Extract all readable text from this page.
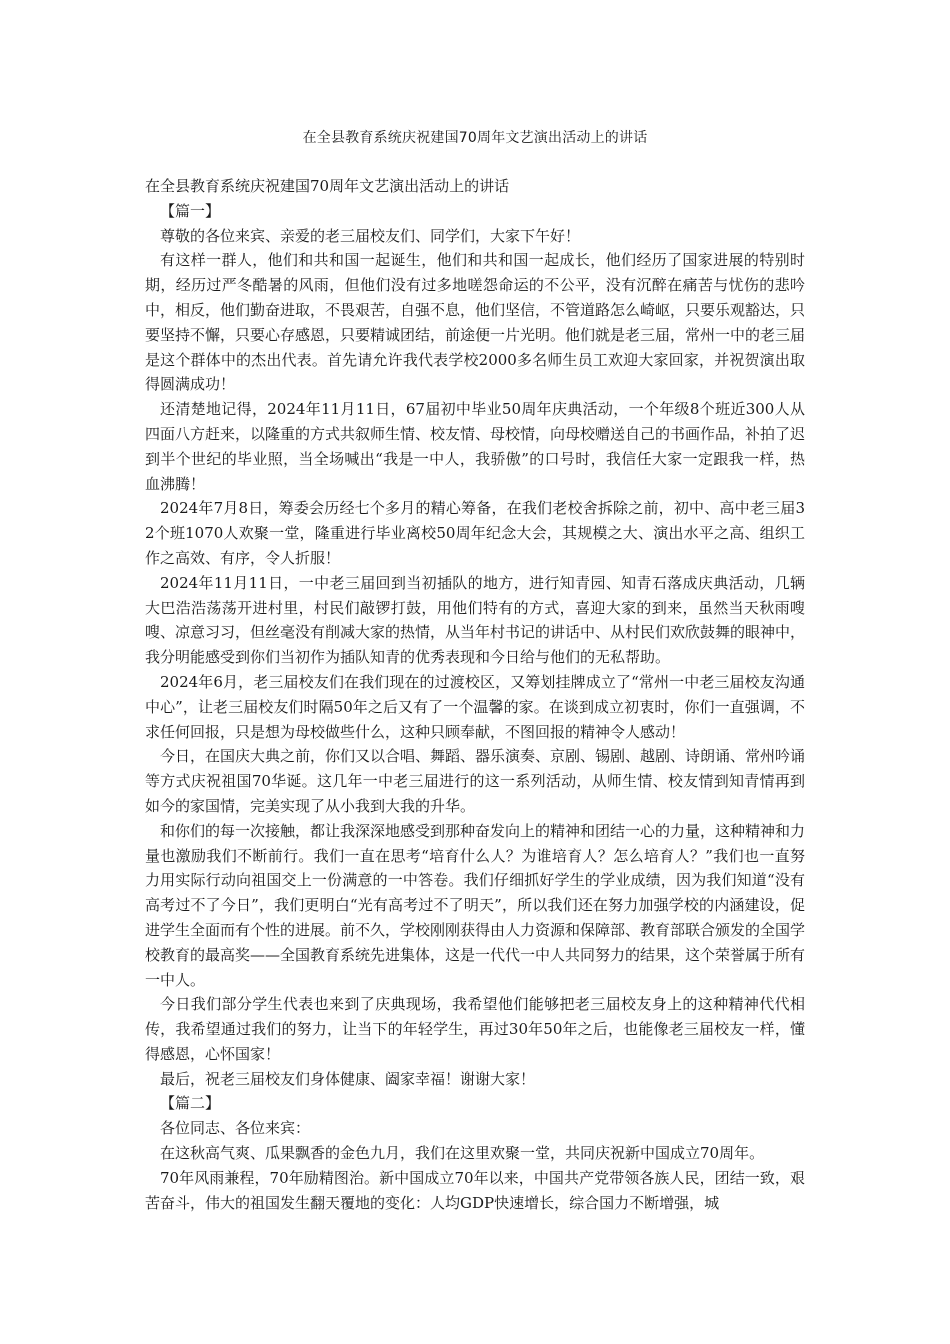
在全县教育系统庆祝建国70周年文艺演出活动上的讲话

在全县教育系统庆祝建国70周年文艺演出活动上的讲话

【篇一】

尊敬的各位来宾、亲爱的老三届校友们、同学们，大家下午好！

有这样一群人，他们和共和国一起诞生，他们和共和国一起成长，他们经历了国家进展的特别时期，经历过严冬酷暑的风雨，但他们没有过多地嗟怨命运的不公平，没有沉醉在痛苦与忧伤的悲吟中，相反，他们勤奋进取，不畏艰苦，自强不息，他们坚信，不管道路怎么崎岖，只要乐观豁达，只要坚持不懈，只要心存感恩，只要精诚团结，前途便一片光明。他们就是老三届，常州一中的老三届是这个群体中的杰出代表。首先请允许我代表学校2000多名师生员工欢迎大家回家，并祝贺演出取得圆满成功！

还清楚地记得，2024年11月11日，67届初中毕业50周年庆典活动，一个年级8个班近300人从四面八方赶来，以隆重的方式共叙师生情、校友情、母校情，向母校赠送自己的书画作品，补拍了迟到半个世纪的毕业照，当全场喊出“我是一中人，我骄傲”的口号时，我信任大家一定跟我一样，热血沸腾！

2024年7月8日，筹委会历经七个多月的精心筹备，在我们老校舍拆除之前，初中、高中老三届32个班1070人欢聚一堂，隆重进行毕业离校50周年纪念大会，其规模之大、演出水平之高、组织工作之高效、有序，令人折服！

2024年11月11日，一中老三届回到当初插队的地方，进行知青园、知青石落成庆典活动，几辆大巴浩浩荡荡开进村里，村民们敲锣打鼓，用他们特有的方式，喜迎大家的到来，虽然当天秋雨嗖嗖、凉意习习，但丝毫没有削减大家的热情，从当年村书记的讲话中、从村民们欢欣鼓舞的眼神中，我分明能感受到你们当初作为插队知青的优秀表现和今日给与他们的无私帮助。

2024年6月，老三届校友们在我们现在的过渡校区，又筹划挂牌成立了“常州一中老三届校友沟通中心”，让老三届校友们时隔50年之后又有了一个温馨的家。在谈到成立初衷时，你们一直强调，不求任何回报，只是想为母校做些什么，这种只顾奉献，不图回报的精神令人感动！

今日，在国庆大典之前，你们又以合唱、舞蹈、器乐演奏、京剧、锡剧、越剧、诗朗诵、常州吟诵等方式庆祝祖国70华诞。这几年一中老三届进行的这一系列活动，从师生情、校友情到知青情再到如今的家国情，完美实现了从小我到大我的升华。

和你们的每一次接触，都让我深深地感受到那种奋发向上的精神和团结一心的力量，这种精神和力量也激励我们不断前行。我们一直在思考“培育什么人？为谁培育人？怎么培育人？”我们也一直努力用实际行动向祖国交上一份满意的一中答卷。我们仔细抓好学生的学业成绩，因为我们知道“没有高考过不了今日”，我们更明白“光有高考过不了明天”，所以我们还在努力加强学校的内涵建设，促进学生全面而有个性的进展。前不久，学校刚刚获得由人力资源和保障部、教育部联合颁发的全国学校教育的最高奖——全国教育系统先进集体，这是一代代一中人共同努力的结果，这个荣誉属于所有一中人。

今日我们部分学生代表也来到了庆典现场，我希望他们能够把老三届校友身上的这种精神代代相传，我希望通过我们的努力，让当下的年轻学生，再过30年50年之后，也能像老三届校友一样，懂得感恩，心怀国家！

最后，祝老三届校友们身体健康、阖家幸福！谢谢大家！

【篇二】

各位同志、各位来宾：

在这秋高气爽、瓜果飘香的金色九月，我们在这里欢聚一堂，共同庆祝新中国成立70周年。

70年风雨兼程，70年励精图治。新中国成立70年以来，中国共产党带领各族人民，团结一致，艰苦奋斗，伟大的祖国发生翻天覆地的变化：人均GDP快速增长，综合国力不断增强，城
